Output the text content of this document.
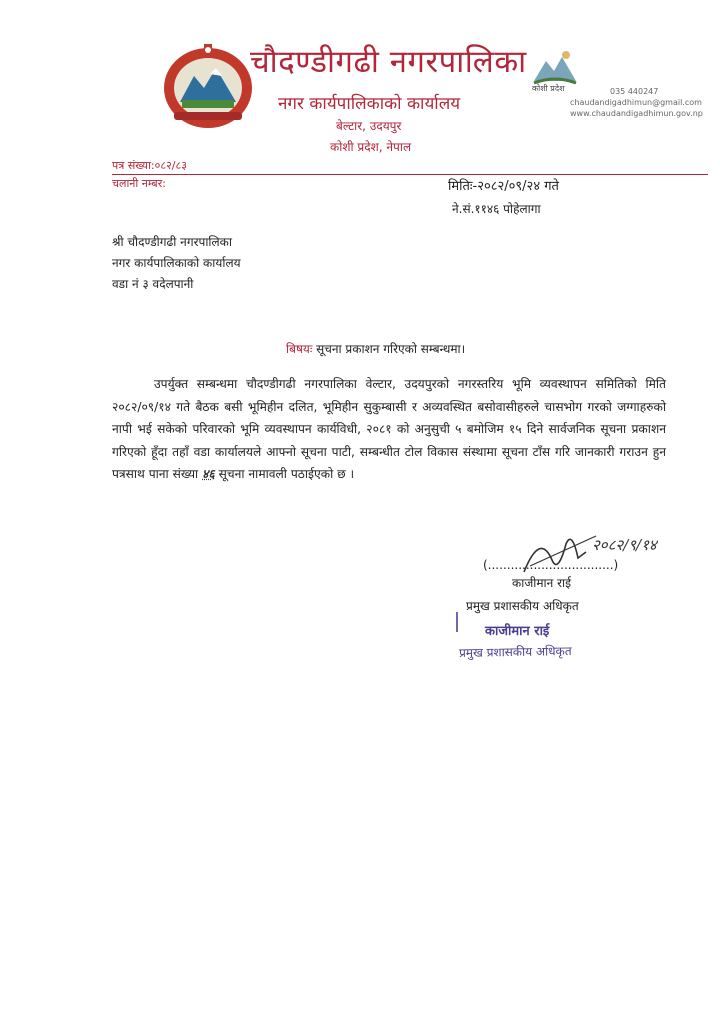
चौदण्डीगढी नगरपालिका
नगर कार्यपालिकाको कार्यालय
बेल्टार, उदयपुर
कोशी प्रदेश, नेपाल
कोशी प्रदेश	035 440247
chaudandigadhimun@gmail.com
www.chaudandigadhimun.gov.np
पत्र संख्या:०८२/८३
चलानी नम्बर:	मितिः-२०८२/०९/२४ गते
ने.सं.११४६ पोहेलागा
श्री चौदण्डीगढी नगरपालिका
नगर कार्यपालिकाको कार्यालय
वडा नं ३ वदेलपानी
बिषयः सूचना प्रकाशन गरिएको सम्बन्धमा।
उपर्युक्त सम्बन्धमा चौदण्डीगढी नगरपालिका वेल्टार, उदयपुरको नगरस्तरिय भूमि व्यवस्थापन समितिको मिति २०८२/०९/१४ गते बैठक बसी भूमिहीन दलित, भूमिहीन सुकुम्बासी र अव्यवस्थित बसोवासीहरुले चासभोग गरको जग्गाहरुको नापी भई सकेको परिवारको भूमि व्यवस्थापन कार्यविधी, २०८१ को अनुसुची ५ बमोजिम १५ दिने सार्वजनिक सूचना प्रकाशन गरिएको हूँदा तहाँ वडा कार्यालयले आफ्नो सूचना पाटी, सम्बन्धीत टोल विकास संस्थामा सूचना टाँस गरि जानकारी गराउन हुन पत्रसाथ पाना संख्या ४६ सूचना नामावली पठाईएको छ ।
२०८२/९/१४
(.................................)
काजीमान राई
प्रमुख प्रशासकीय अधिकृत
काजीमान राई
प्रमुख प्रशासकीय अधिकृत
